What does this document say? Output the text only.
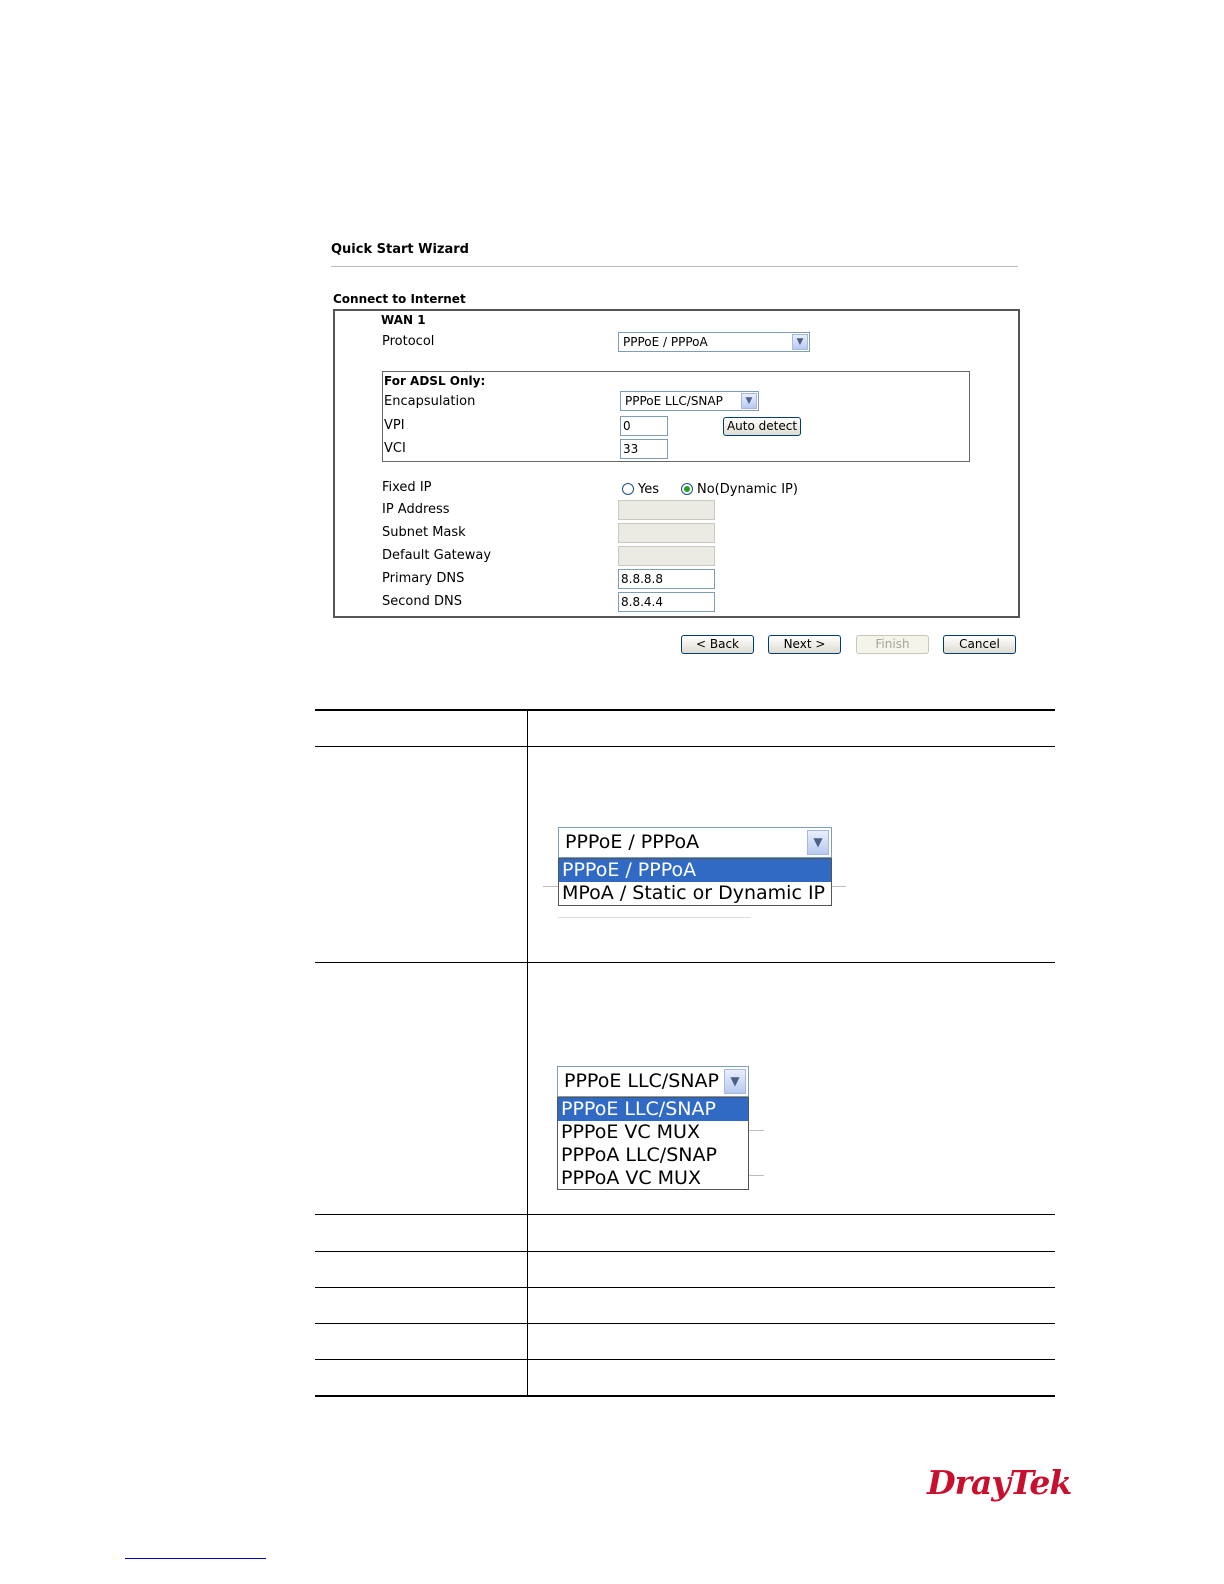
Quick Start Wizard
Connect to Internet
WAN 1
Protocol	PPPoE / PPPoA	▼
For ADSL Only:
Encapsulation	PPPoE LLC/SNAP	▼
VPI	0	Auto detect
VCI	33
Fixed IP	Yes	No(Dynamic IP)
IP Address
Subnet Mask
Default Gateway
Primary DNS	8.8.8.8
Second DNS	8.8.4.4
< Back	Next >	Finish	Cancel
PPPoE / PPPoA	▼
PPPoE / PPPoA
MPoA / Static or Dynamic IP
PPPoE LLC/SNAP ▼
PPPoE LLC/SNAP
PPPoE VC MUX
PPPoA LLC/SNAP
PPPoA VC MUX
DrayTek
